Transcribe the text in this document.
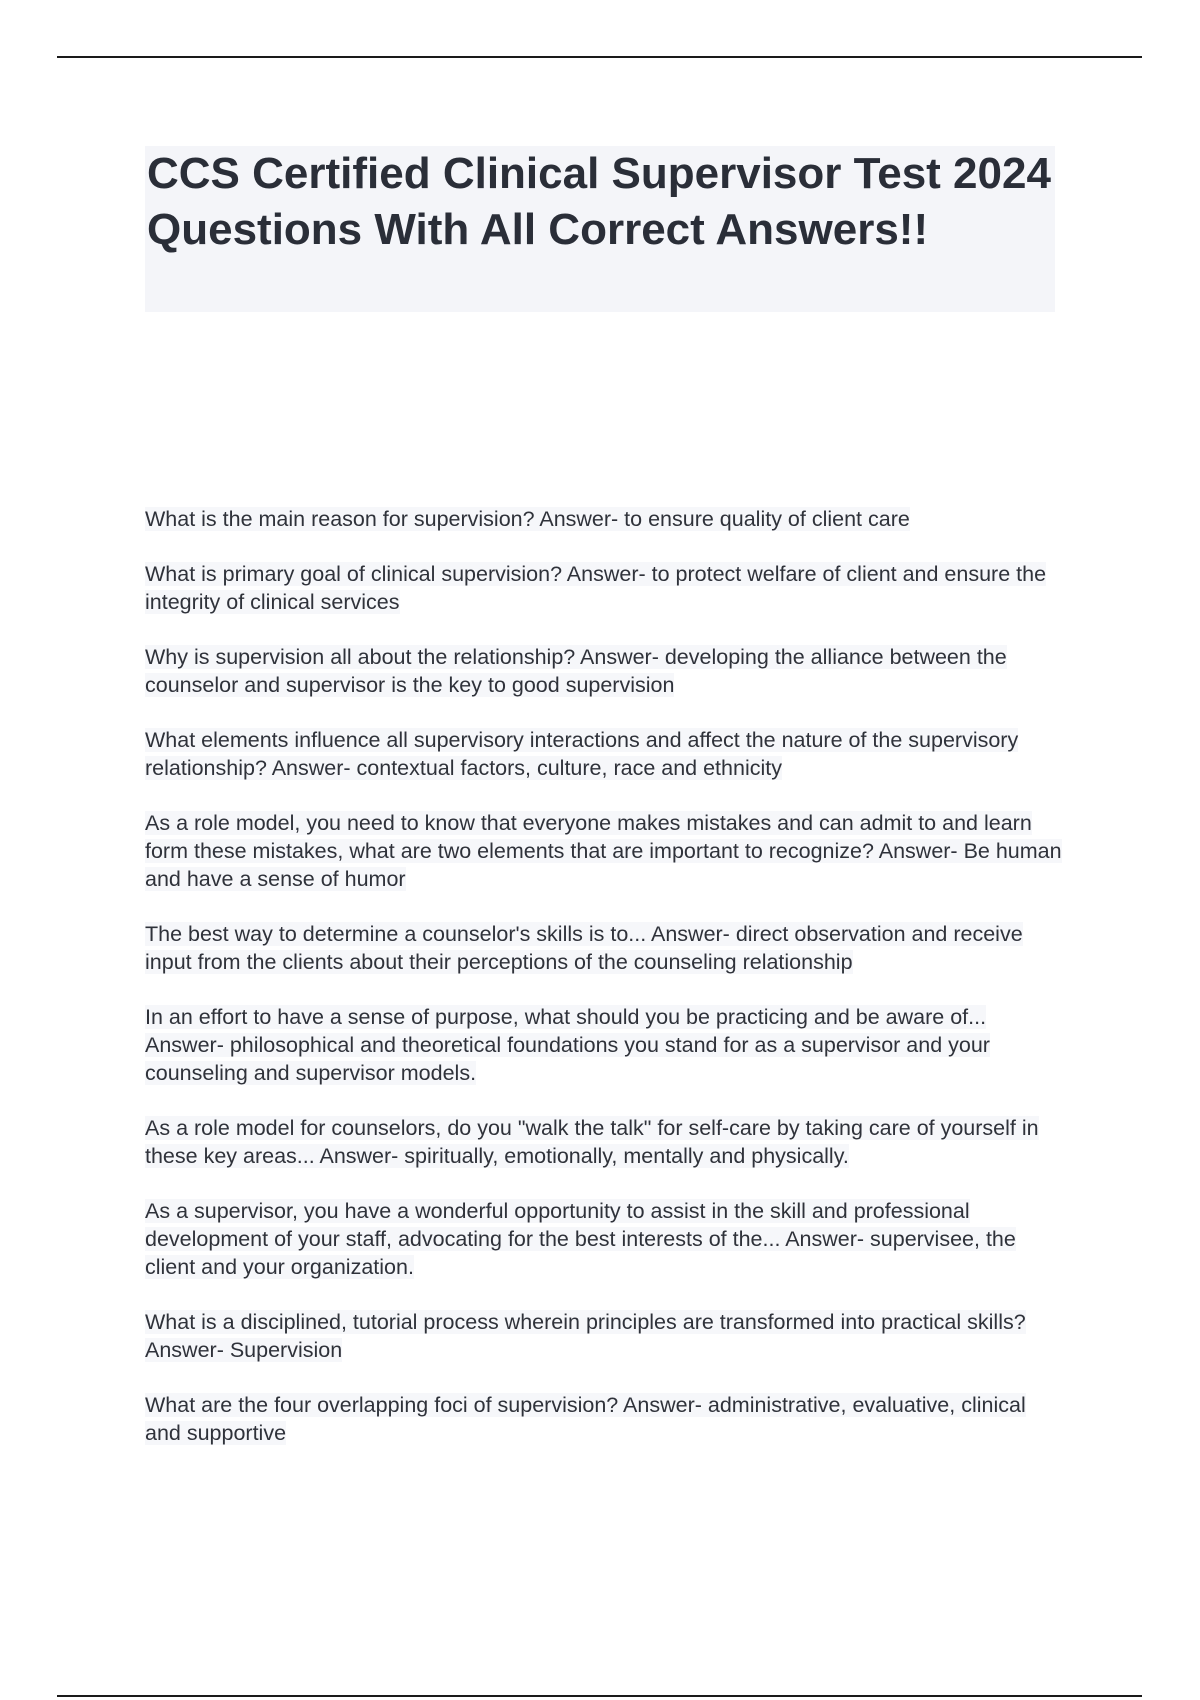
CCS Certified Clinical Supervisor Test 2024 Questions With All Correct Answers!!
What is the main reason for supervision? Answer- to ensure quality of client care
What is primary goal of clinical supervision? Answer- to protect welfare of client and ensure the integrity of clinical services
Why is supervision all about the relationship? Answer- developing the alliance between the counselor and supervisor is the key to good supervision
What elements influence all supervisory interactions and affect the nature of the supervisory relationship? Answer- contextual factors, culture, race and ethnicity
As a role model, you need to know that everyone makes mistakes and can admit to and learn form these mistakes, what are two elements that are important to recognize? Answer- Be human and have a sense of humor
The best way to determine a counselor's skills is to... Answer- direct observation and receive input from the clients about their perceptions of the counseling relationship
In an effort to have a sense of purpose, what should you be practicing and be aware of... Answer- philosophical and theoretical foundations you stand for as a supervisor and your counseling and supervisor models.
As a role model for counselors, do you "walk the talk" for self-care by taking care of yourself in these key areas... Answer- spiritually, emotionally, mentally and physically.
As a supervisor, you have a wonderful opportunity to assist in the skill and professional development of your staff, advocating for the best interests of the... Answer- supervisee, the client and your organization.
What is a disciplined, tutorial process wherein principles are transformed into practical skills? Answer- Supervision
What are the four overlapping foci of supervision? Answer- administrative, evaluative, clinical and supportive
